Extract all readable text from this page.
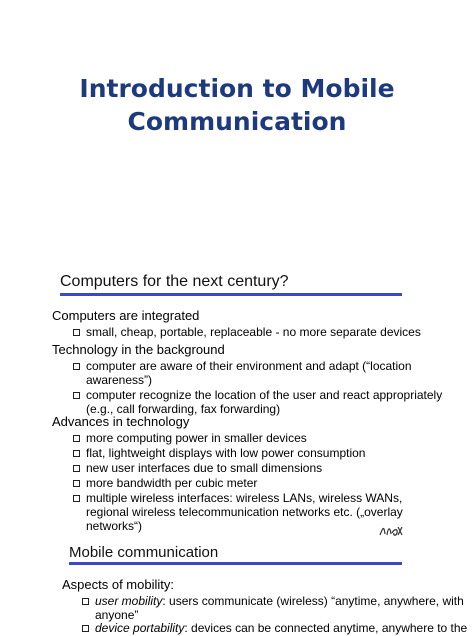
Introduction to Mobile
Communication
Computers for the next century?
Computers are integrated
small, cheap, portable, replaceable - no more separate devices
Technology in the background
computer are aware of their environment and adapt (“location
awareness”)
computer recognize the location of the user and react appropriately
(e.g., call forwarding, fax forwarding)
Advances in technology
more computing power in smaller devices
flat, lightweight displays with low power consumption
new user interfaces due to small dimensions
more bandwidth per cubic meter
multiple wireless interfaces: wireless LANs, wireless WANs,
regional wireless telecommunication networks etc. („overlay
networks“)
Mobile communication
Aspects of mobility:
user mobility: users communicate (wireless) “anytime, anywhere, with
anyone”
device portability: devices can be connected anytime, anywhere to the
